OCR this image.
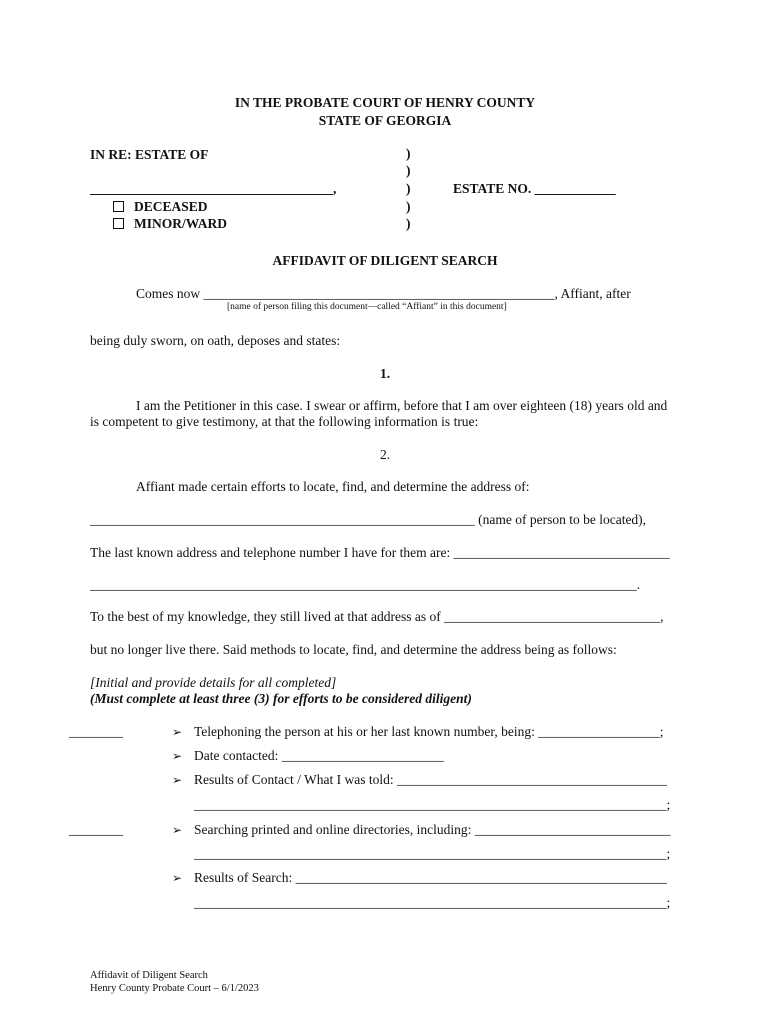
IN THE PROBATE COURT OF HENRY COUNTY
STATE OF GEORGIA
IN RE: ESTATE OF
____________________________________,
DECEASED
MINOR/WARD
)
)
)
)
)
ESTATE NO. ____________
AFFIDAVIT OF DILIGENT SEARCH
Comes now ____________________________________________________, Affiant, after
[name of person filing this document—called “Affiant” in this document]
being duly sworn, on oath, deposes and states:
1.
I am the Petitioner in this case. I swear or affirm, before that I am over eighteen (18) years old and
is competent to give testimony, at that the following information is true:
2.
Affiant made certain efforts to locate, find, and determine the address of:
_________________________________________________________ (name of person to be located),
The last known address and telephone number I have for them are: ________________________________
_________________________________________________________________________________.
To the best of my knowledge, they still lived at that address as of ________________________________,
but no longer live there. Said methods to locate, find, and determine the address being as follows:
[Initial and provide details for all completed]
(Must complete at least three (3) for efforts to be considered diligent)
________	➢ Telephoning the person at his or her last known number, being: __________________;
➢ Date contacted: ________________________
➢ Results of Contact / What I was told: ________________________________________
______________________________________________________________________;
________	➢ Searching printed and online directories, including: _____________________________
______________________________________________________________________;
➢ Results of Search: _______________________________________________________
______________________________________________________________________;
Affidavit of Diligent Search
Henry County Probate Court – 6/1/2023
